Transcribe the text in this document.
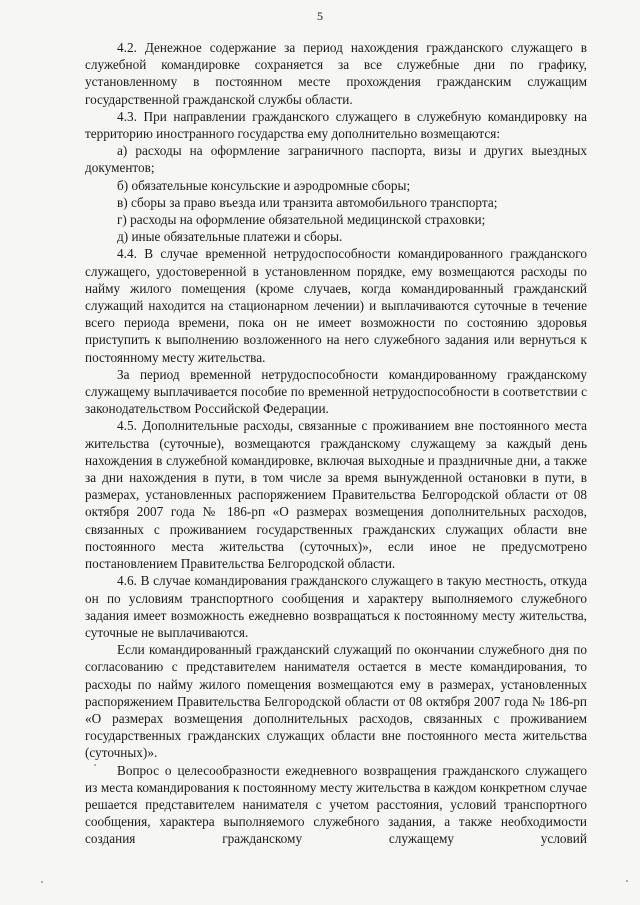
5

4.2. Денежное содержание за период нахождения гражданского служащего в служебной командировке сохраняется за все служебные дни по графику, установленному в постоянном месте прохождения гражданским служащим государственной гражданской службы области.

4.3. При направлении гражданского служащего в служебную командировку на территорию иностранного государства ему дополнительно возмещаются:

а) расходы на оформление заграничного паспорта, визы и других выездных документов;

б) обязательные консульские и аэродромные сборы;

в) сборы за право въезда или транзита автомобильного транспорта;

г) расходы на оформление обязательной медицинской страховки;

д) иные обязательные платежи и сборы.

4.4. В случае временной нетрудоспособности командированного гражданского служащего, удостоверенной в установленном порядке, ему возмещаются расходы по найму жилого помещения (кроме случаев, когда командированный гражданский служащий находится на стационарном лечении) и выплачиваются суточные в течение всего периода времени, пока он не имеет возможности по состоянию здоровья приступить к выполнению возложенного на него служебного задания или вернуться к постоянному месту жительства.

За период временной нетрудоспособности командированному гражданскому служащему выплачивается пособие по временной нетрудоспособности в соответствии с законодательством Российской Федерации.

4.5. Дополнительные расходы, связанные с проживанием вне постоянного места жительства (суточные), возмещаются гражданскому служащему за каждый день нахождения в служебной командировке, включая выходные и праздничные дни, а также за дни нахождения в пути, в том числе за время вынужденной остановки в пути, в размерах, установленных распоряжением Правительства Белгородской области от 08 октября 2007 года № 186-рп «О размерах возмещения дополнительных расходов, связанных с проживанием государственных гражданских служащих области вне постоянного места жительства (суточных)», если иное не предусмотрено постановлением Правительства Белгородской области.

4.6. В случае командирования гражданского служащего в такую местность, откуда он по условиям транспортного сообщения и характеру выполняемого служебного задания имеет возможность ежедневно возвращаться к постоянному месту жительства, суточные не выплачиваются.

Если командированный гражданский служащий по окончании служебного дня по согласованию с представителем нанимателя остается в месте командирования, то расходы по найму жилого помещения возмещаются ему в размерах, установленных распоряжением Правительства Белгородской области от 08 октября 2007 года № 186-рп «О размерах возмещения дополнительных расходов, связанных с проживанием государственных гражданских служащих области вне постоянного места жительства (суточных)».

Вопрос о целесообразности ежедневного возвращения гражданского служащего из места командирования к постоянному месту жительства в каждом конкретном случае решается представителем нанимателя с учетом расстояния, условий транспортного сообщения, характера выполняемого служебного задания, а также необходимости создания гражданскому служащему условий
